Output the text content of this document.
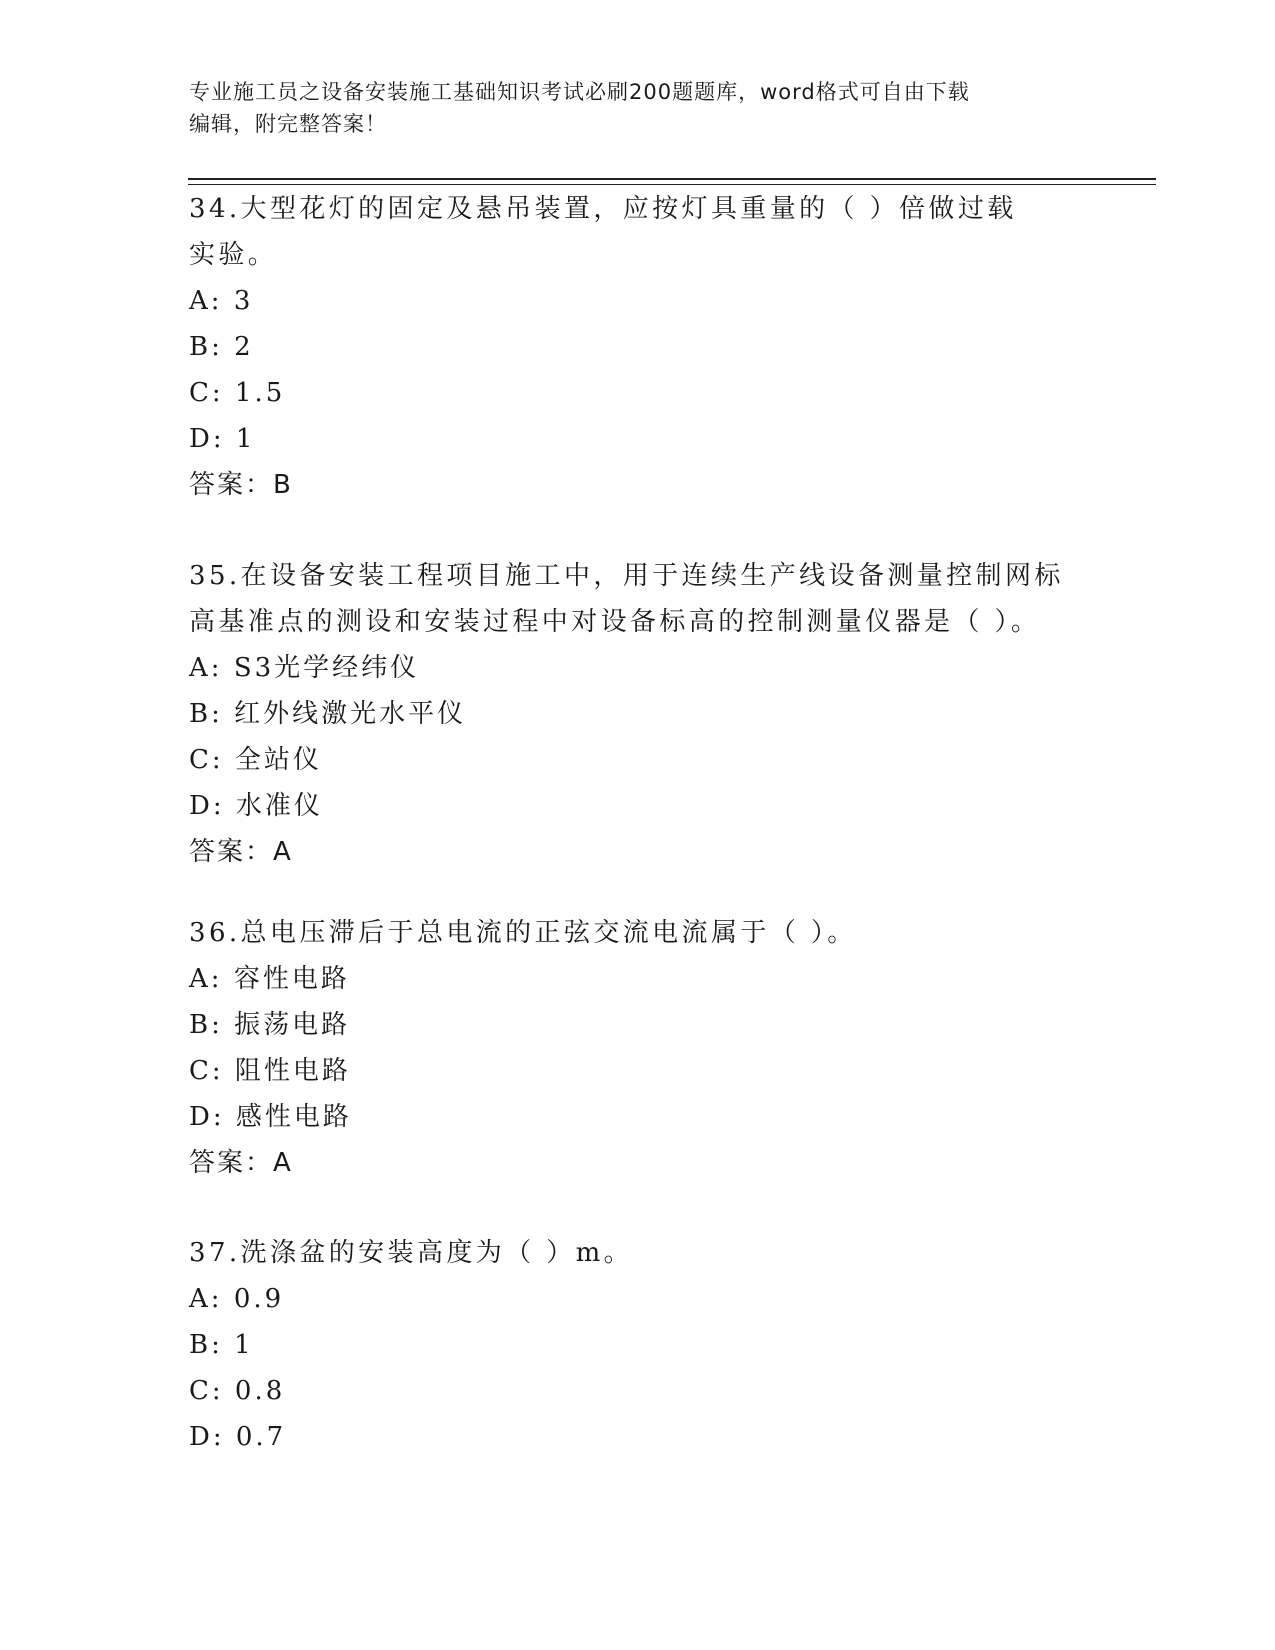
专业施工员之设备安装施工基础知识考试必刷200题题库，word格式可自由下载
编辑，附完整答案！
34.大型花灯的固定及悬吊装置，应按灯具重量的（ ）倍做过载实验。
A: 3
B: 2
C: 1.5
D: 1
答案：B
35.在设备安装工程项目施工中，用于连续生产线设备测量控制网标高基准点的测设和安装过程中对设备标高的控制测量仪器是（ ）。
A: S3光学经纬仪
B: 红外线激光水平仪
C: 全站仪
D: 水准仪
答案：A
36.总电压滞后于总电流的正弦交流电流属于（ ）。
A: 容性电路
B: 振荡电路
C: 阻性电路
D: 感性电路
答案：A
37.洗涤盆的安装高度为（ ）m。
A: 0.9
B: 1
C: 0.8
D: 0.7
